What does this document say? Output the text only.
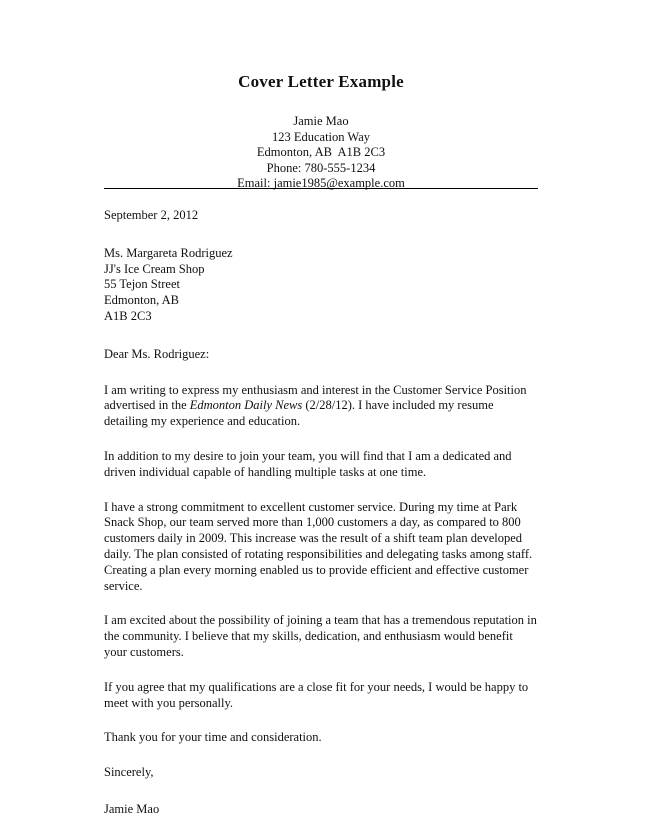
Cover Letter Example
Jamie Mao
123 Education Way
Edmonton, AB  A1B 2C3
Phone: 780-555-1234
Email: jamie1985@example.com

September 2, 2012

Ms. Margareta Rodriguez
JJ's Ice Cream Shop
55 Tejon Street
Edmonton, AB
A1B 2C3

Dear Ms. Rodriguez:

I am writing to express my enthusiasm and interest in the Customer Service Position advertised in the Edmonton Daily News (2/28/12). I have included my resume detailing my experience and education.

In addition to my desire to join your team, you will find that I am a dedicated and driven individual capable of handling multiple tasks at one time.

I have a strong commitment to excellent customer service. During my time at Park Snack Shop, our team served more than 1,000 customers a day, as compared to 800 customers daily in 2009. This increase was the result of a shift team plan developed daily. The plan consisted of rotating responsibilities and delegating tasks among staff. Creating a plan every morning enabled us to provide efficient and effective customer service.

I am excited about the possibility of joining a team that has a tremendous reputation in the community. I believe that my skills, dedication, and enthusiasm would benefit your customers.

If you agree that my qualifications are a close fit for your needs, I would be happy to meet with you personally.

Thank you for your time and consideration.

Sincerely,

Jamie Mao
